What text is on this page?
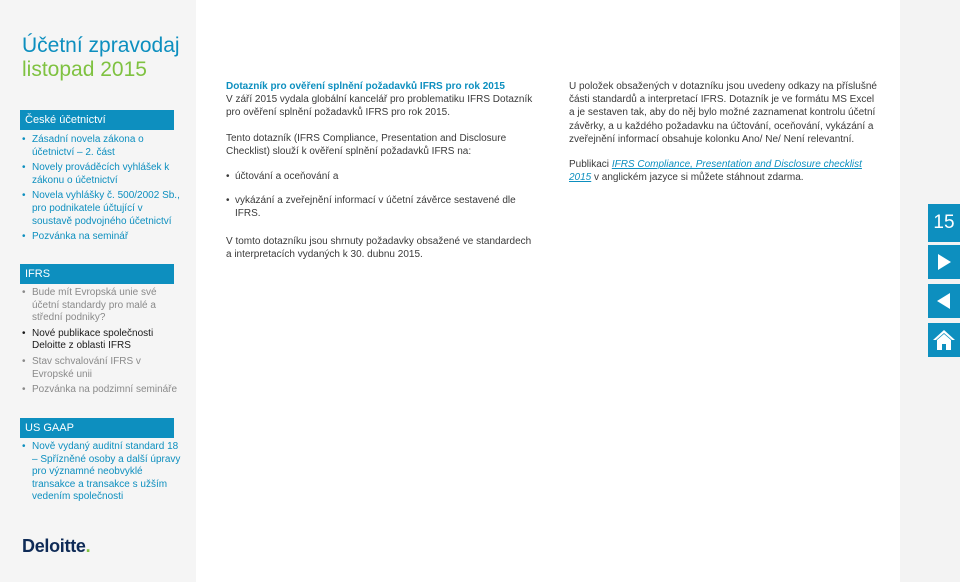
Účetní zpravodaj
listopad 2015
České účetnictví
• Zásadní novela zákona o účetnictví – 2. část
• Novely prováděcích vyhlášek k zákonu o účetnictví
• Novela vyhlášky č. 500/2002 Sb., pro podnikatele účtující v soustavě podvojného účetnictví
• Pozvánka na seminář
IFRS
• Bude mít Evropská unie své účetní standardy pro malé a střední podniky?
• Nové publikace společnosti Deloitte z oblasti IFRS
• Stav schvalování IFRS v Evropské unii
• Pozvánka na podzimní semináře
US GAAP
• Nově vydaný auditní standard 18 – Spřízněné osoby a další úpravy pro významné neobvyklé transakce a transakce s užším vedením společnosti
Deloitte.

Dotazník pro ověření splnění požadavků IFRS pro rok 2015
V září 2015 vydala globální kancelář pro problematiku IFRS Dotazník pro ověření splnění požadavků IFRS pro rok 2015.

Tento dotazník (IFRS Compliance, Presentation and Disclosure Checklist) slouží k ověření splnění požadavků IFRS na:

• účtování a oceňování a
• vykázání a zveřejnění informací v účetní závěrce sestavené dle IFRS.

V tomto dotazníku jsou shrnuty požadavky obsažené ve standardech a interpretacích vydaných k 30. dubnu 2015.

U položek obsažených v dotazníku jsou uvedeny odkazy na příslušné části standardů a interpretací IFRS. Dotazník je ve formátu MS Excel a je sestaven tak, aby do něj bylo možné zaznamenat kontrolu účetní závěrky, a u každého požadavku na účtování, oceňování, vykázání a zveřejnění informací obsahuje kolonku Ano/ Ne/ Není relevantní.

Publikaci IFRS Compliance, Presentation and Disclosure checklist 2015 v anglickém jazyce si můžete stáhnout zdarma.

15
